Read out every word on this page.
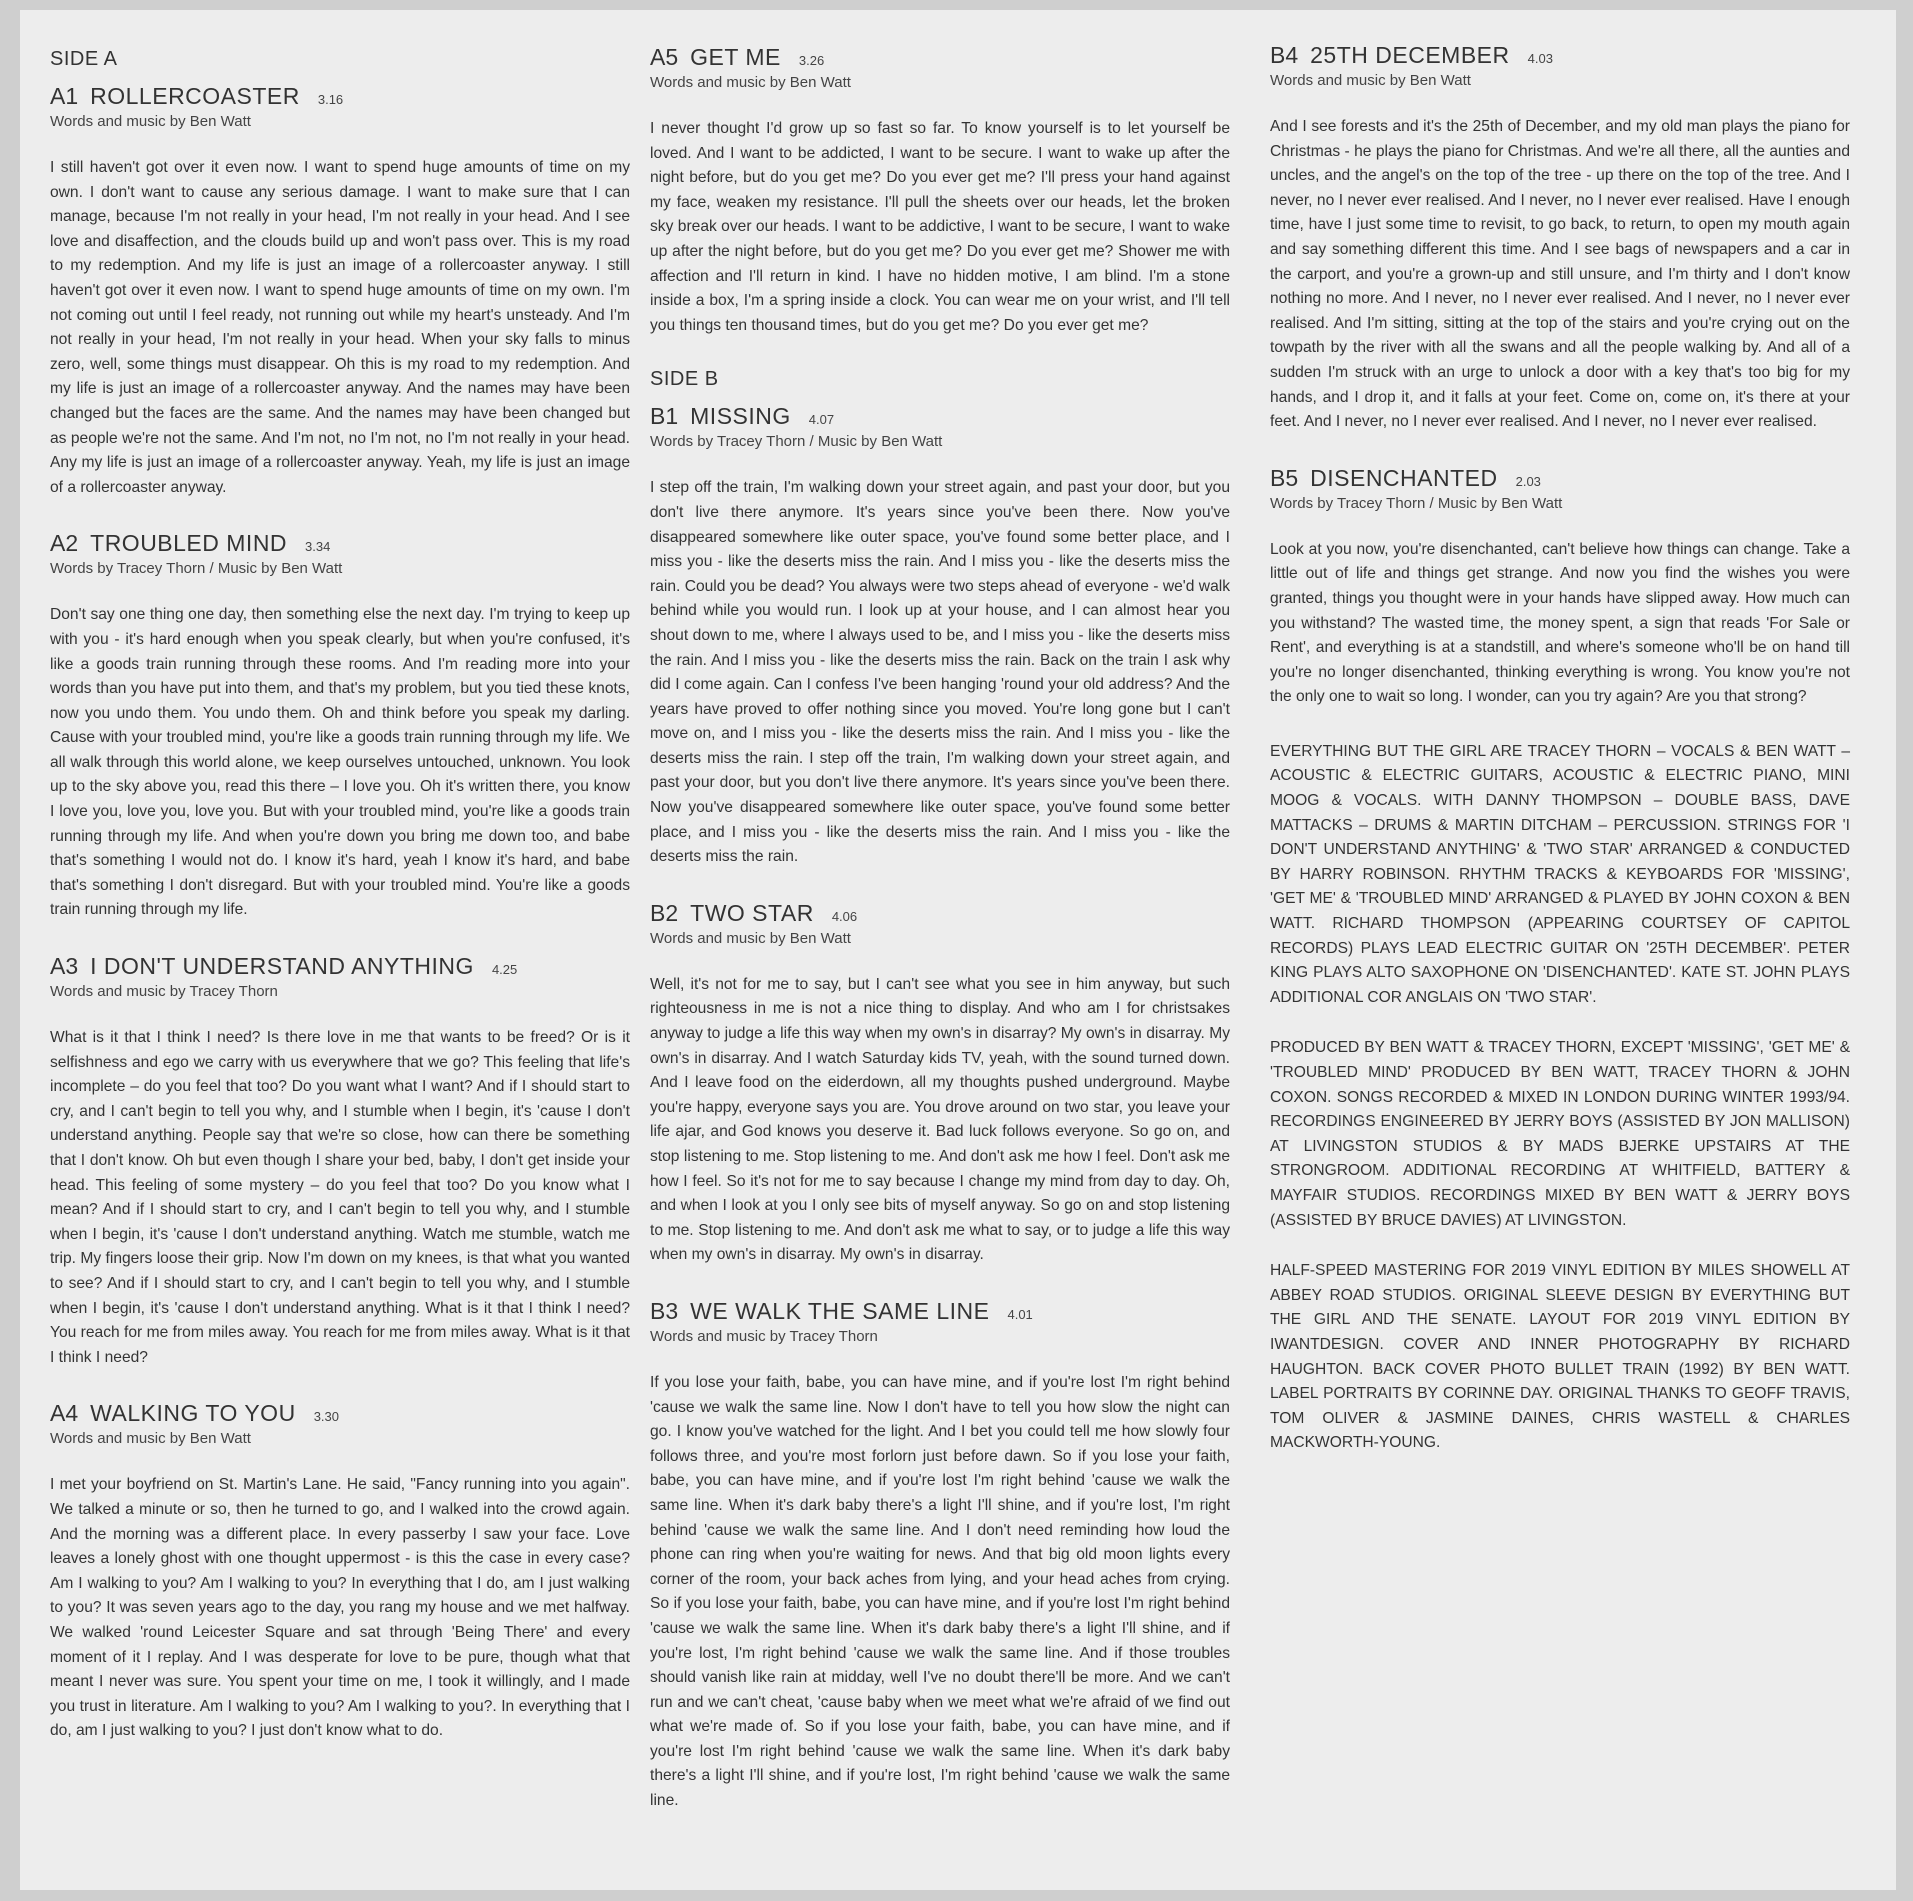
SIDE A
A1 ROLLERCOASTER 3.16
Words and music by Ben Watt
I still haven't got over it even now. I want to spend huge amounts of time on my own. I don't want to cause any serious damage. I want to make sure that I can manage, because I'm not really in your head, I'm not really in your head. And I see love and disaffection, and the clouds build up and won't pass over. This is my road to my redemption. And my life is just an image of a rollercoaster anyway. I still haven't got over it even now. I want to spend huge amounts of time on my own. I'm not coming out until I feel ready, not running out while my heart's unsteady. And I'm not really in your head, I'm not really in your head. When your sky falls to minus zero, well, some things must disappear. Oh this is my road to my redemption. And my life is just an image of a rollercoaster anyway. And the names may have been changed but the faces are the same. And the names may have been changed but as people we're not the same. And I'm not, no I'm not, no I'm not really in your head. Any my life is just an image of a rollercoaster anyway. Yeah, my life is just an image of a rollercoaster anyway.
A2 TROUBLED MIND 3.34
Words by Tracey Thorn / Music by Ben Watt
Don't say one thing one day, then something else the next day. I'm trying to keep up with you - it's hard enough when you speak clearly, but when you're confused, it's like a goods train running through these rooms. And I'm reading more into your words than you have put into them, and that's my problem, but you tied these knots, now you undo them. You undo them. Oh and think before you speak my darling. Cause with your troubled mind, you're like a goods train running through my life. We all walk through this world alone, we keep ourselves untouched, unknown. You look up to the sky above you, read this there – I love you. Oh it's written there, you know I love you, love you, love you. But with your troubled mind, you're like a goods train running through my life. And when you're down you bring me down too, and babe that's something I would not do. I know it's hard, yeah I know it's hard, and babe that's something I don't disregard. But with your troubled mind. You're like a goods train running through my life.
A3 I DON'T UNDERSTAND ANYTHING 4.25
Words and music by Tracey Thorn
What is it that I think I need? Is there love in me that wants to be freed? Or is it selfishness and ego we carry with us everywhere that we go? This feeling that life's incomplete – do you feel that too? Do you want what I want? And if I should start to cry, and I can't begin to tell you why, and I stumble when I begin, it's 'cause I don't understand anything. People say that we're so close, how can there be something that I don't know. Oh but even though I share your bed, baby, I don't get inside your head. This feeling of some mystery – do you feel that too? Do you know what I mean? And if I should start to cry, and I can't begin to tell you why, and I stumble when I begin, it's 'cause I don't understand anything. Watch me stumble, watch me trip. My fingers loose their grip. Now I'm down on my knees, is that what you wanted to see? And if I should start to cry, and I can't begin to tell you why, and I stumble when I begin, it's 'cause I don't understand anything. What is it that I think I need? You reach for me from miles away. You reach for me from miles away. What is it that I think I need?
A4 WALKING TO YOU 3.30
Words and music by Ben Watt
I met your boyfriend on St. Martin's Lane. He said, "Fancy running into you again". We talked a minute or so, then he turned to go, and I walked into the crowd again. And the morning was a different place. In every passerby I saw your face. Love leaves a lonely ghost with one thought uppermost - is this the case in every case? Am I walking to you? Am I walking to you? In everything that I do, am I just walking to you? It was seven years ago to the day, you rang my house and we met halfway. We walked 'round Leicester Square and sat through 'Being There' and every moment of it I replay. And I was desperate for love to be pure, though what that meant I never was sure. You spent your time on me, I took it willingly, and I made you trust in literature. Am I walking to you? Am I walking to you?. In everything that I do, am I just walking to you? I just don't know what to do.
A5 GET ME 3.26
Words and music by Ben Watt
I never thought I'd grow up so fast so far. To know yourself is to let yourself be loved. And I want to be addicted, I want to be secure. I want to wake up after the night before, but do you get me? Do you ever get me? I'll press your hand against my face, weaken my resistance. I'll pull the sheets over our heads, let the broken sky break over our heads. I want to be addictive, I want to be secure, I want to wake up after the night before, but do you get me? Do you ever get me? Shower me with affection and I'll return in kind. I have no hidden motive, I am blind. I'm a stone inside a box, I'm a spring inside a clock. You can wear me on your wrist, and I'll tell you things ten thousand times, but do you get me? Do you ever get me?
SIDE B
B1 MISSING 4.07
Words by Tracey Thorn / Music by Ben Watt
I step off the train, I'm walking down your street again, and past your door, but you don't live there anymore. It's years since you've been there. Now you've disappeared somewhere like outer space, you've found some better place, and I miss you - like the deserts miss the rain. And I miss you - like the deserts miss the rain. Could you be dead? You always were two steps ahead of everyone - we'd walk behind while you would run. I look up at your house, and I can almost hear you shout down to me, where I always used to be, and I miss you - like the deserts miss the rain. And I miss you - like the deserts miss the rain. Back on the train I ask why did I come again. Can I confess I've been hanging 'round your old address? And the years have proved to offer nothing since you moved. You're long gone but I can't move on, and I miss you - like the deserts miss the rain. And I miss you - like the deserts miss the rain. I step off the train, I'm walking down your street again, and past your door, but you don't live there anymore. It's years since you've been there. Now you've disappeared somewhere like outer space, you've found some better place, and I miss you - like the deserts miss the rain. And I miss you - like the deserts miss the rain.
B2 TWO STAR 4.06
Words and music by Ben Watt
Well, it's not for me to say, but I can't see what you see in him anyway, but such righteousness in me is not a nice thing to display. And who am I for christsakes anyway to judge a life this way when my own's in disarray? My own's in disarray. My own's in disarray. And I watch Saturday kids TV, yeah, with the sound turned down. And I leave food on the eiderdown, all my thoughts pushed underground. Maybe you're happy, everyone says you are. You drove around on two star, you leave your life ajar, and God knows you deserve it. Bad luck follows everyone. So go on, and stop listening to me. Stop listening to me. And don't ask me how I feel. Don't ask me how I feel. So it's not for me to say because I change my mind from day to day. Oh, and when I look at you I only see bits of myself anyway. So go on and stop listening to me. Stop listening to me. And don't ask me what to say, or to judge a life this way when my own's in disarray. My own's in disarray.
B3 WE WALK THE SAME LINE 4.01
Words and music by Tracey Thorn
If you lose your faith, babe, you can have mine, and if you're lost I'm right behind 'cause we walk the same line. Now I don't have to tell you how slow the night can go. I know you've watched for the light. And I bet you could tell me how slowly four follows three, and you're most forlorn just before dawn. So if you lose your faith, babe, you can have mine, and if you're lost I'm right behind 'cause we walk the same line. When it's dark baby there's a light I'll shine, and if you're lost, I'm right behind 'cause we walk the same line. And I don't need reminding how loud the phone can ring when you're waiting for news. And that big old moon lights every corner of the room, your back aches from lying, and your head aches from crying. So if you lose your faith, babe, you can have mine, and if you're lost I'm right behind 'cause we walk the same line. When it's dark baby there's a light I'll shine, and if you're lost, I'm right behind 'cause we walk the same line. And if those troubles should vanish like rain at midday, well I've no doubt there'll be more. And we can't run and we can't cheat, 'cause baby when we meet what we're afraid of we find out what we're made of. So if you lose your faith, babe, you can have mine, and if you're lost I'm right behind 'cause we walk the same line. When it's dark baby there's a light I'll shine, and if you're lost, I'm right behind 'cause we walk the same line.
B4 25TH DECEMBER 4.03
Words and music by Ben Watt
And I see forests and it's the 25th of December, and my old man plays the piano for Christmas - he plays the piano for Christmas. And we're all there, all the aunties and uncles, and the angel's on the top of the tree - up there on the top of the tree. And I never, no I never ever realised. And I never, no I never ever realised. Have I enough time, have I just some time to revisit, to go back, to return, to open my mouth again and say something different this time. And I see bags of newspapers and a car in the carport, and you're a grown-up and still unsure, and I'm thirty and I don't know nothing no more. And I never, no I never ever realised. And I never, no I never ever realised. And I'm sitting, sitting at the top of the stairs and you're crying out on the towpath by the river with all the swans and all the people walking by. And all of a sudden I'm struck with an urge to unlock a door with a key that's too big for my hands, and I drop it, and it falls at your feet. Come on, come on, it's there at your feet. And I never, no I never ever realised. And I never, no I never ever realised.
B5 DISENCHANTED 2.03
Words by Tracey Thorn / Music by Ben Watt
Look at you now, you're disenchanted, can't believe how things can change. Take a little out of life and things get strange. And now you find the wishes you were granted, things you thought were in your hands have slipped away. How much can you withstand? The wasted time, the money spent, a sign that reads 'For Sale or Rent', and everything is at a standstill, and where's someone who'll be on hand till you're no longer disenchanted, thinking everything is wrong. You know you're not the only one to wait so long. I wonder, can you try again? Are you that strong?

EVERYTHING BUT THE GIRL ARE TRACEY THORN – VOCALS & BEN WATT – ACOUSTIC & ELECTRIC GUITARS, ACOUSTIC & ELECTRIC PIANO, MINI MOOG & VOCALS. WITH DANNY THOMPSON – DOUBLE BASS, DAVE MATTACKS – DRUMS & MARTIN DITCHAM – PERCUSSION. STRINGS FOR 'I DON'T UNDERSTAND ANYTHING' & 'TWO STAR' ARRANGED & CONDUCTED BY HARRY ROBINSON. RHYTHM TRACKS & KEYBOARDS FOR 'MISSING', 'GET ME' & 'TROUBLED MIND' ARRANGED & PLAYED BY JOHN COXON & BEN WATT. RICHARD THOMPSON (APPEARING COURTSEY OF CAPITOL RECORDS) PLAYS LEAD ELECTRIC GUITAR ON '25TH DECEMBER'. PETER KING PLAYS ALTO SAXOPHONE ON 'DISENCHANTED'. KATE ST. JOHN PLAYS ADDITIONAL COR ANGLAIS ON 'TWO STAR'.

PRODUCED BY BEN WATT & TRACEY THORN, EXCEPT 'MISSING', 'GET ME' & 'TROUBLED MIND' PRODUCED BY BEN WATT, TRACEY THORN & JOHN COXON. SONGS RECORDED & MIXED IN LONDON DURING WINTER 1993/94. RECORDINGS ENGINEERED BY JERRY BOYS (ASSISTED BY JON MALLISON) AT LIVINGSTON STUDIOS & BY MADS BJERKE UPSTAIRS AT THE STRONGROOM. ADDITIONAL RECORDING AT WHITFIELD, BATTERY & MAYFAIR STUDIOS. RECORDINGS MIXED BY BEN WATT & JERRY BOYS (ASSISTED BY BRUCE DAVIES) AT LIVINGSTON.

HALF-SPEED MASTERING FOR 2019 VINYL EDITION BY MILES SHOWELL AT ABBEY ROAD STUDIOS. ORIGINAL SLEEVE DESIGN BY EVERYTHING BUT THE GIRL AND THE SENATE. LAYOUT FOR 2019 VINYL EDITION BY IWANTDESIGN. COVER AND INNER PHOTOGRAPHY BY RICHARD HAUGHTON. BACK COVER PHOTO BULLET TRAIN (1992) BY BEN WATT. LABEL PORTRAITS BY CORINNE DAY. ORIGINAL THANKS TO GEOFF TRAVIS, TOM OLIVER & JASMINE DAINES, CHRIS WASTELL & CHARLES MACKWORTH-YOUNG.
